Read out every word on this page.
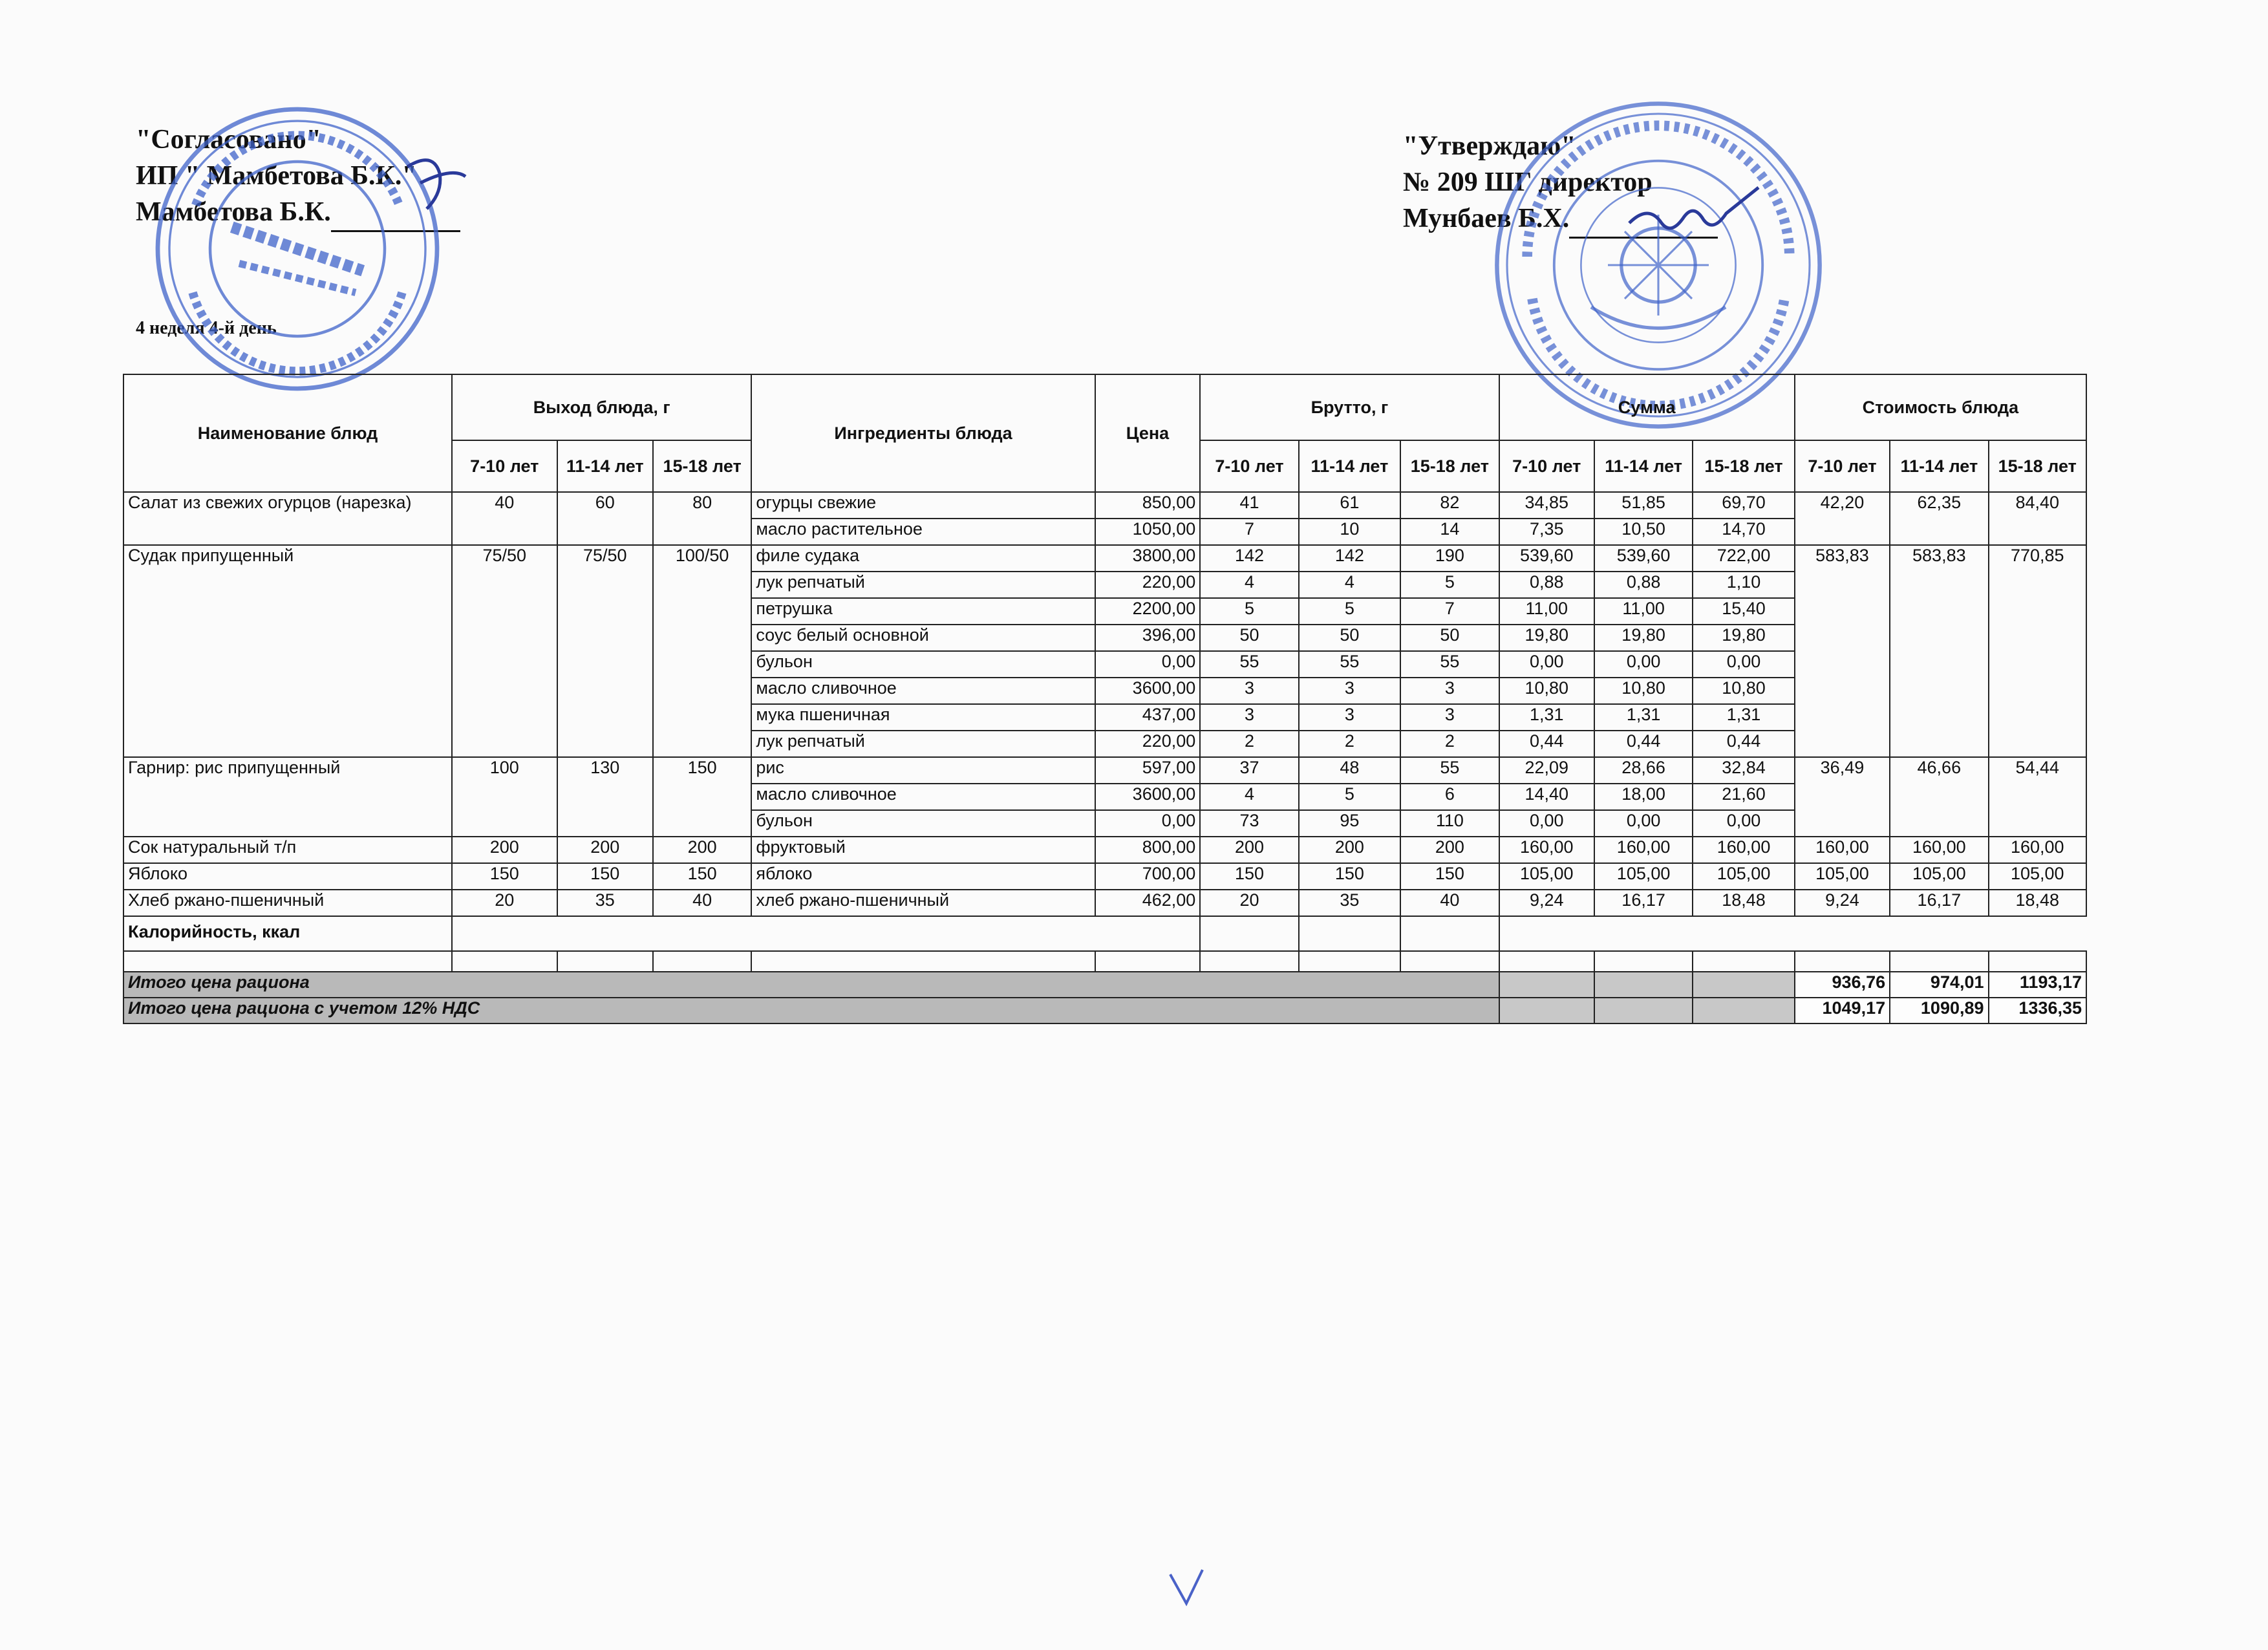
"Согласовано"
ИП " Мамбетова Б.К."
Мамбетова Б.К.
"Утверждаю"
№ 209 ШГ директор
Мунбаев Б.Х.
4 неделя 4-й день
Наименование блюд	Выход блюда, г			Ингредиенты блюда	Цена	Брутто, г			Сумма			Стоимость блюда		
	7-10 лет	11-14 лет	15-18 лет			7-10 лет	11-14 лет	15-18 лет	7-10 лет	11-14 лет	15-18 лет	7-10 лет	11-14 лет	15-18 лет
Салат из свежих огурцов (нарезка)	40	60	80	огурцы свежие	850,00	41	61	82	34,85	51,85	69,70	42,20	62,35	84,40
				масло растительное	1050,00	7	10	14	7,35	10,50	14,70			
Судак припущенный	75/50	75/50	100/50	филе судака	3800,00	142	142	190	539,60	539,60	722,00	583,83	583,83	770,85
				лук репчатый	220,00	4	4	5	0,88	0,88	1,10			
				петрушка	2200,00	5	5	7	11,00	11,00	15,40			
				соус белый основной	396,00	50	50	50	19,80	19,80	19,80			
				бульон	0,00	55	55	55	0,00	0,00	0,00			
				масло сливочное	3600,00	3	3	3	10,80	10,80	10,80			
				мука пшеничная	437,00	3	3	3	1,31	1,31	1,31			
				лук репчатый	220,00	2	2	2	0,44	0,44	0,44			
Гарнир: рис припущенный	100	130	150	рис	597,00	37	48	55	22,09	28,66	32,84	36,49	46,66	54,44
				масло сливочное	3600,00	4	5	6	14,40	18,00	21,60			
				бульон	0,00	73	95	110	0,00	0,00	0,00			
Сок натуральный т/п	200	200	200	фруктовый	800,00	200	200	200	160,00	160,00	160,00	160,00	160,00	160,00
Яблоко	150	150	150	яблоко	700,00	150	150	150	105,00	105,00	105,00	105,00	105,00	105,00
Хлеб ржано-пшеничный	20	35	40	хлеб ржано-пшеничный	462,00	20	35	40	9,24	16,17	18,48	9,24	16,17	18,48
Калорийность, ккал														

Итого цена рациона												936,76	974,01	1193,17
Итого цена рациона с учетом 12% НДС												1049,17	1090,89	1336,35
